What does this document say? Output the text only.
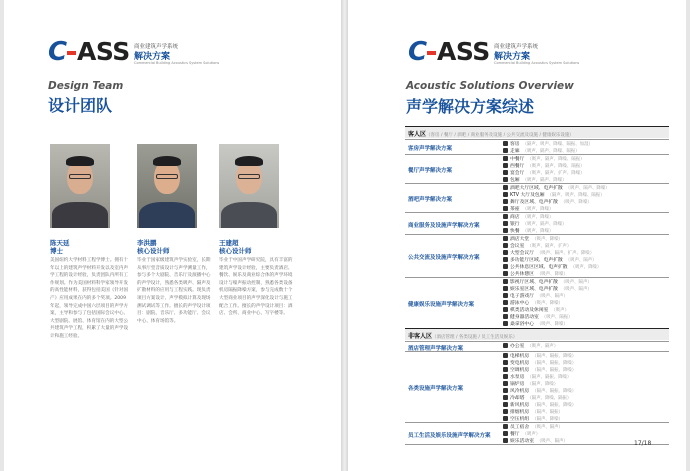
C ASS 商业建筑声学系统
解决方案
Commercial Building Acoustics System Solutions
Design Team
设计团队
陈天延
博士
美国纽约大学材料工程学博士。拥有十年以上的建筑声学材料开发以及室内声学工程的设计经验，负责团队内所有工作规划。作为美国材料科学家领导开发的高性能材料，获得包括美国《针对国产》应用成果在内的多个奖项。2009年起，领导完成中国六层项目的声学方案，主导和参与了包括国际会议中心、大型剧院、展馆、体育馆在内的大型公共建筑声学工程，积累了大量的声学设计和施工经验。
李洪鹏
核心设计师
毕业于国家级建筑声学实验室，长期从事厅堂音质设计与声学测量工作，参与多个大剧院、音乐厅及演播中心的声学设计，熟悉各类吸声、隔声及扩散材料的应用与工程实践。现负责项目方案设计、声学模拟计算及现场测试调试等工作。擅长的声学设计项目：剧院、音乐厅、多功能厅、会议中心、体育场馆等。
王建超
核心设计师
毕业于中国声学研究院，具有丰富的建筑声学设计经验，主要负责酒店、餐饮、娱乐及商业综合体的声学环境设计与噪声振动控制，熟悉各类设备机房隔振降噪方案，参与完成数十个大型商业项目的声学深化设计与施工配合工作。擅长的声学设计项目：酒店、会所、商业中心、写字楼等。
C ASS 商业建筑声学系统
解决方案
Commercial Building Acoustics System Solutions
Acoustic Solutions Overview
声学解决方案综述
客人区（客房 / 餐厅 / 酒吧 / 商业服务及设施 / 公共交流及设施 / 健康娱乐设施）
客房声学解决方案
客房 （隔声、吸声、降噪、隔振、加湿）
走廊 （吸声、隔声、降噪、隔振）
餐厅声学解决方案
中餐厅 （吸声、隔声、降噪、隔振）
西餐厅 （吸声、隔声、降噪、隔振）
宴会厅 （吸声、隔声、扩声、降噪）
包厢 （吸声、隔声、降噪）
酒吧声学解决方案
酒吧大厅区域、电声扩散 （吸声、隔声、降噪）
KTV 大厅及包厢 （隔声、吸声、降噪、隔振）
舞厅及区域、电声扩散 （吸声、降噪）
茶座 （吸声、降噪）
商业服务及设施声学解决方案
商店 （吸声、降噪）
银行 （吸声、隔声、降噪）
快餐 （吸声、降噪）
公共交流及设施声学解决方案
酒店大堂 （吸声、降噪）
会议室 （吸声、隔声、扩声）
大型会议厅 （吸声、隔声、扩声、降噪）
多功能厅区域、电声扩散 （吸声、隔声）
公共休息区区域、电声扩散 （吸声、降噪）
公共休憩区 （吸声、降噪）
健康娱乐设施声学解决方案
影视厅区域、电声扩散 （吸声、隔声）
娱乐室区域、电声扩散 （吸声、隔声）
电子游戏厅 （吸声、隔声）
游泳中心 （吸声、降噪）
棋类活动及休闲室 （吸声）
健身器活动室 （吸声、隔振）
桑拿浴中心 （吸声、降噪）
非客人区（酒店管理 / 各类设施 / 员工生活及娱乐）
酒店管理声学解决方案	办公室 （吸声、隔声）
各类设施声学解决方案
电梯机房 （隔声、隔振、降噪）
变电机房 （隔声、隔振、降噪）
空调机房 （隔声、隔振、降噪）
水泵房 （隔声、隔振、降噪）
锅炉房 （隔声、降噪）
风冷机房 （隔声、隔振、降噪）
冷却塔 （隔声、降噪、隔振）
新风机房 （隔声、隔振、降噪）
排烟机房 （隔声、隔振）
空压机组 （隔声、降噪）
员工生活及娱乐设施声学解决方案
员工宿舍 （吸声、隔声）
餐厅 （吸声）
娱乐活动室 （吸声、隔声）	17/18
